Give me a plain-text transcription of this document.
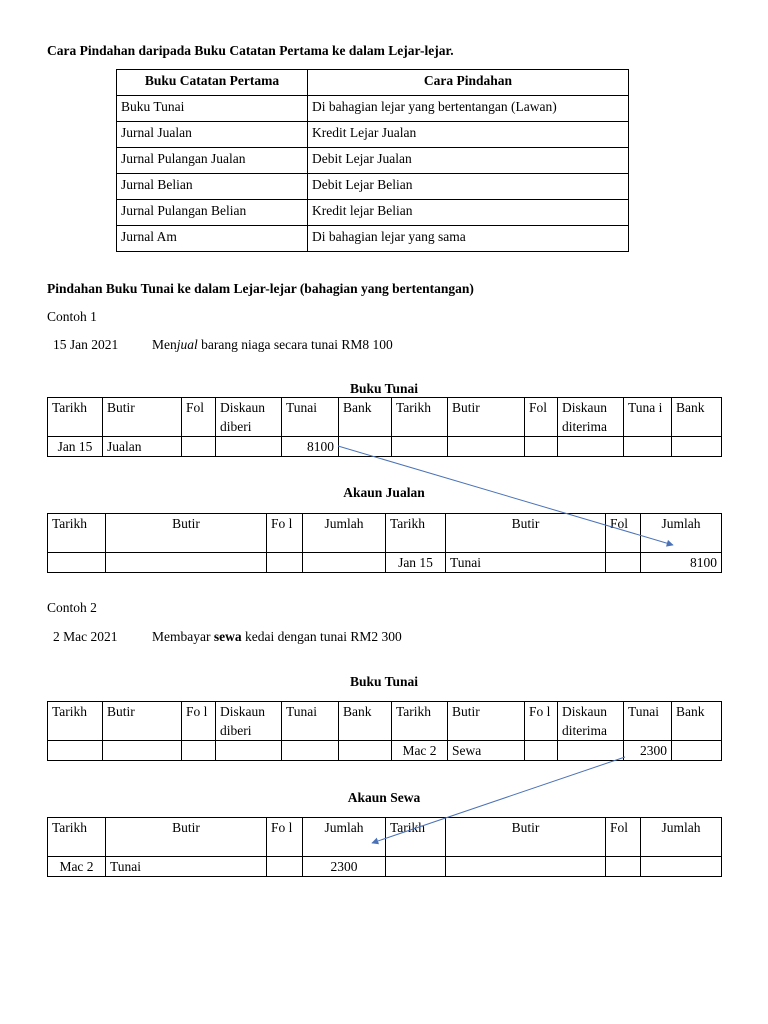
Cara Pindahan daripada Buku Catatan Pertama ke dalam Lejar-lejar.
Buku Catatan Pertama	Cara Pindahan
Buku Tunai	Di bahagian lejar yang bertentangan (Lawan)
Jurnal Jualan	Kredit Lejar Jualan
Jurnal Pulangan Jualan	Debit Lejar Jualan
Jurnal Belian	Debit Lejar Belian
Jurnal Pulangan Belian	Kredit lejar Belian
Jurnal Am	Di bahagian lejar yang sama
Pindahan Buku Tunai ke dalam Lejar-lejar (bahagian yang bertentangan)
Contoh 1
15 Jan 2021	Menjual barang niaga secara tunai RM8 100
Buku Tunai
Tarikh	Butir	Fol	Diskaun diberi	Tunai	Bank	Tarikh	Butir	Fol	Diskaun diterima	Tuna i	Bank
Jan 15	Jualan			8100							
Akaun Jualan
Tarikh	Butir	Fo l	Jumlah	Tarikh	Butir	Fol	Jumlah
				Jan 15	Tunai		8100
Contoh 2
2 Mac 2021	Membayar sewa kedai dengan tunai RM2 300
Buku Tunai
Tarikh	Butir	Fo l	Diskaun diberi	Tunai	Bank	Tarikh	Butir	Fo l	Diskaun diterima	Tunai	Bank
						Mac 2	Sewa			2300	
Akaun Sewa
Tarikh	Butir	Fo l	Jumlah	Tarikh	Butir	Fol	Jumlah
Mac 2	Tunai		2300				
